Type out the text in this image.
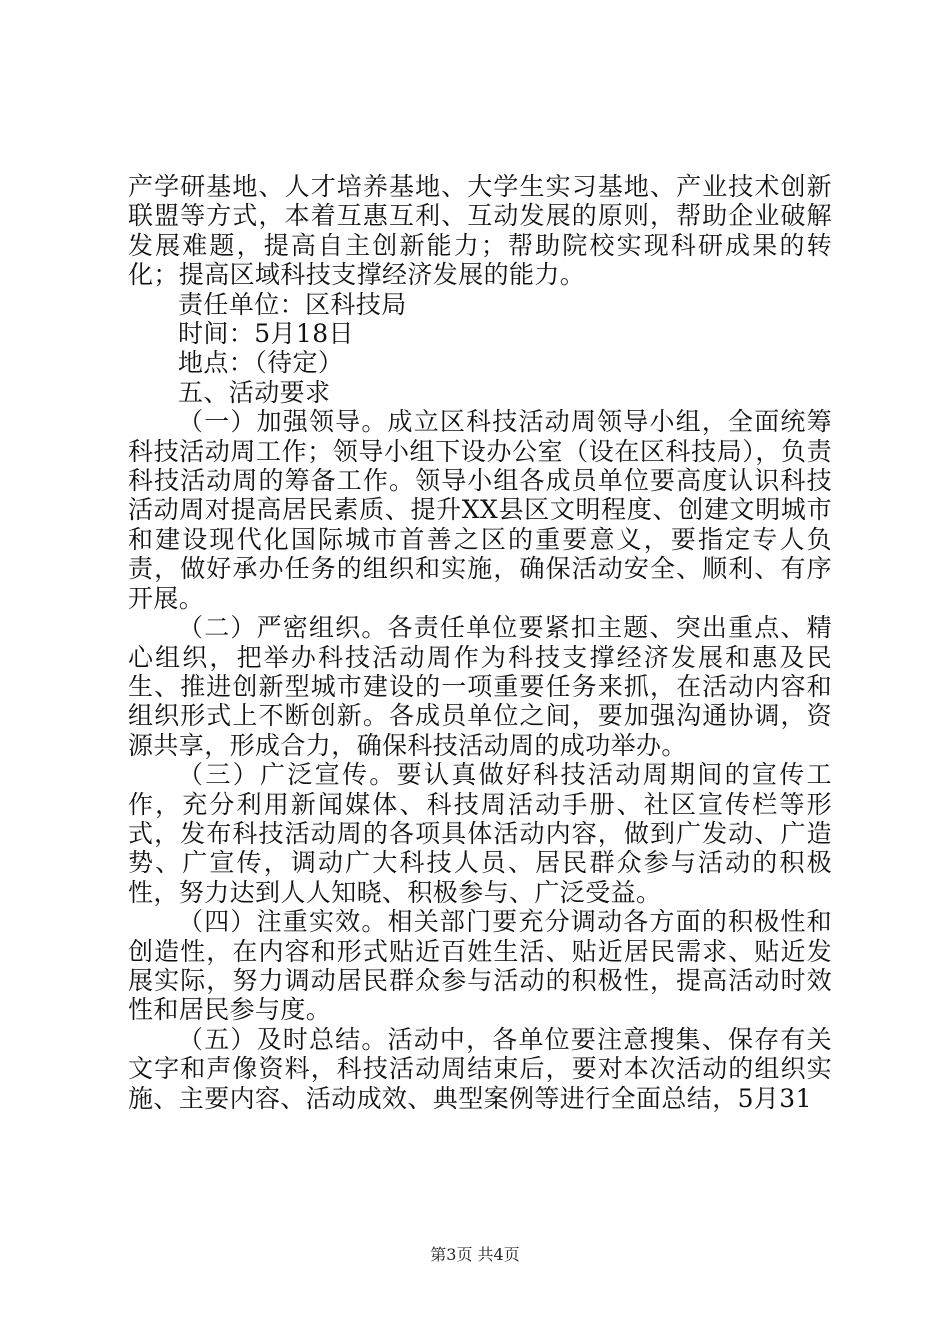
产学研基地、人才培养基地、大学生实习基地、产业技术创新联盟等方式，本着互惠互利、互动发展的原则，帮助企业破解发展难题，提高自主创新能力；帮助院校实现科研成果的转化；提高区域科技支撑经济发展的能力。

责任单位：区科技局

时间：5月18日

地点：（待定）

五、活动要求

（一）加强领导。成立区科技活动周领导小组，全面统筹科技活动周工作；领导小组下设办公室（设在区科技局），负责科技活动周的筹备工作。领导小组各成员单位要高度认识科技活动周对提高居民素质、提升XX县区文明程度、创建文明城市和建设现代化国际城市首善之区的重要意义，要指定专人负责，做好承办任务的组织和实施，确保活动安全、顺利、有序开展。

（二）严密组织。各责任单位要紧扣主题、突出重点、精心组织，把举办科技活动周作为科技支撑经济发展和惠及民生、推进创新型城市建设的一项重要任务来抓，在活动内容和组织形式上不断创新。各成员单位之间，要加强沟通协调，资源共享，形成合力，确保科技活动周的成功举办。

（三）广泛宣传。要认真做好科技活动周期间的宣传工作，充分利用新闻媒体、科技周活动手册、社区宣传栏等形式，发布科技活动周的各项具体活动内容，做到广发动、广造势、广宣传，调动广大科技人员、居民群众参与活动的积极性，努力达到人人知晓、积极参与、广泛受益。

（四）注重实效。相关部门要充分调动各方面的积极性和创造性，在内容和形式贴近百姓生活、贴近居民需求、贴近发展实际，努力调动居民群众参与活动的积极性，提高活动时效性和居民参与度。

（五）及时总结。活动中，各单位要注意搜集、保存有关文字和声像资料，科技活动周结束后，要对本次活动的组织实施、主要内容、活动成效、典型案例等进行全面总结，5月31

第3页 共4页
